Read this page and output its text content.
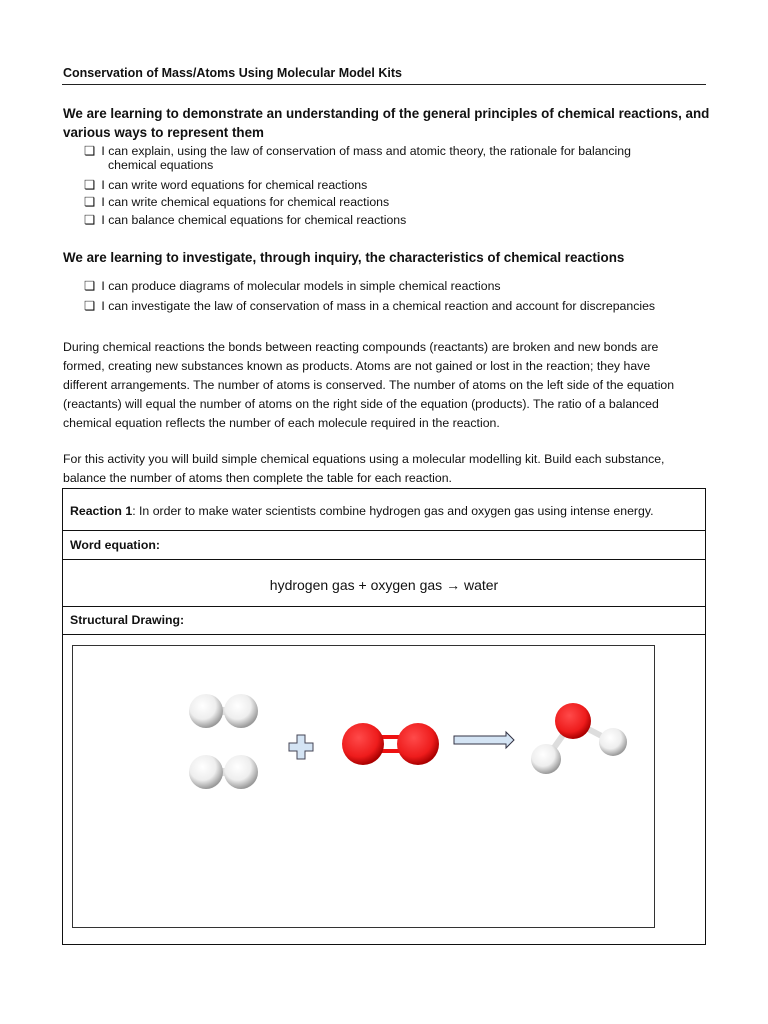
Conservation of Mass/Atoms Using Molecular Model Kits
We are learning to demonstrate an understanding of the general principles of chemical reactions, and
various ways to represent them
❏ I can explain, using the law of conservation of mass and atomic theory, the rationale for balancing
chemical equations
❏ I can write word equations for chemical reactions
❏ I can write chemical equations for chemical reactions
❏ I can balance chemical equations for chemical reactions
We are learning to investigate, through inquiry, the characteristics of chemical reactions
❏ I can produce diagrams of molecular models in simple chemical reactions
❏ I can investigate the law of conservation of mass in a chemical reaction and account for discrepancies
During chemical reactions the bonds between reacting compounds (reactants) are broken and new bonds are
formed, creating new substances known as products. Atoms are not gained or lost in the reaction; they have
different arrangements. The number of atoms is conserved. The number of atoms on the left side of the equation
(reactants) will equal the number of atoms on the right side of the equation (products). The ratio of a balanced
chemical equation reflects the number of each molecule required in the reaction.
For this activity you will build simple chemical equations using a molecular modelling kit. Build each substance,
balance the number of atoms then complete the table for each reaction.
Reaction 1: In order to make water scientists combine hydrogen gas and oxygen gas using intense energy.
Word equation:
hydrogen gas + oxygen gas → water
Structural Drawing:
